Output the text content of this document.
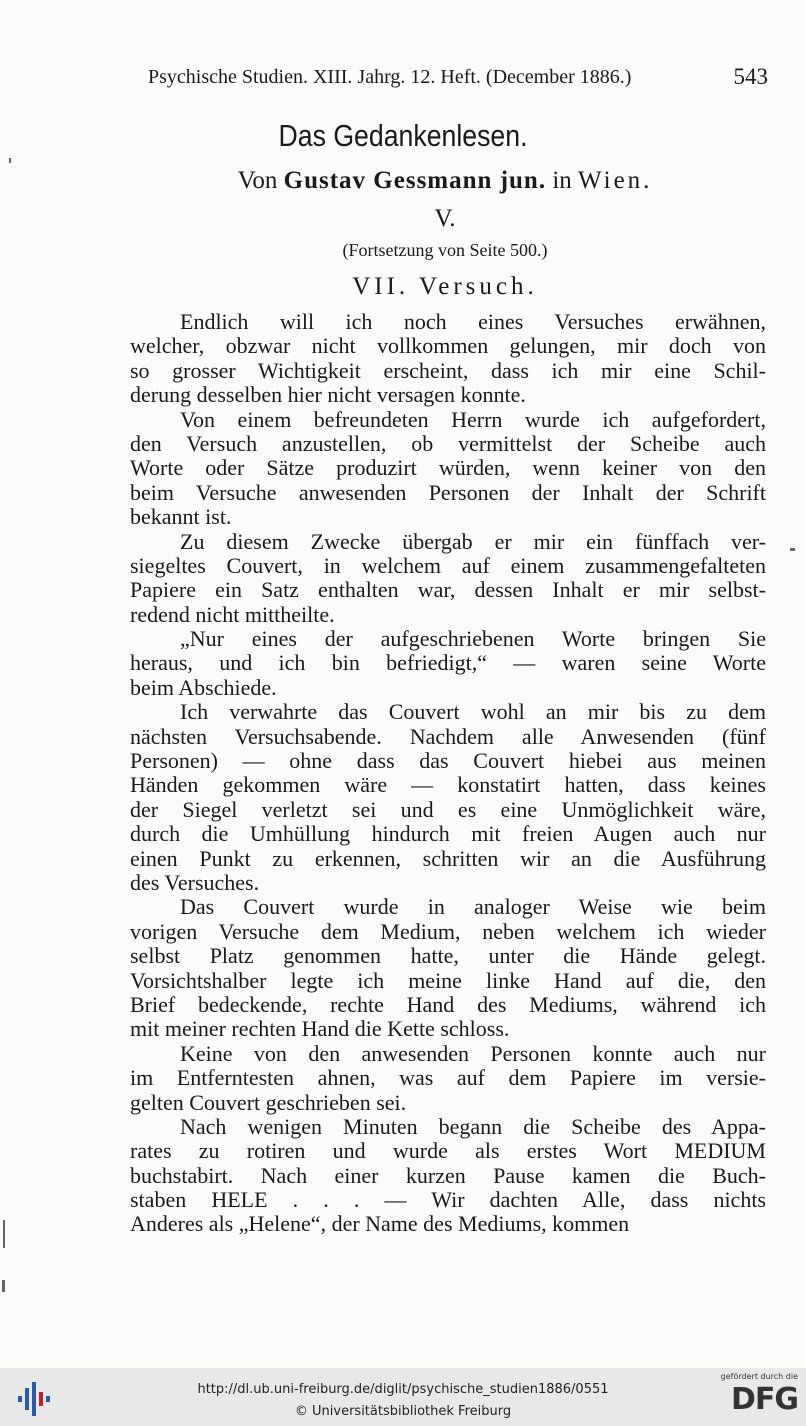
Psychische Studien. XIII. Jahrg. 12. Heft. (December 1886.)	543
Das Gedankenlesen.
Von Gustav Gessmann jun. in Wien.
V.
(Fortsetzung von Seite 500.)
VII. Versuch.
Endlich will ich noch eines Versuches erwähnen,
welcher, obzwar nicht vollkommen gelungen, mir doch von
so grosser Wichtigkeit erscheint, dass ich mir eine Schil-
derung desselben hier nicht versagen konnte.
Von einem befreundeten Herrn wurde ich aufgefordert,
den Versuch anzustellen, ob vermittelst der Scheibe auch
Worte oder Sätze produzirt würden, wenn keiner von den
beim Versuche anwesenden Personen der Inhalt der Schrift
bekannt ist.
Zu diesem Zwecke übergab er mir ein fünffach ver-
siegeltes Couvert, in welchem auf einem zusammengefalteten
Papiere ein Satz enthalten war, dessen Inhalt er mir selbst-
redend nicht mittheilte.
„Nur eines der aufgeschriebenen Worte bringen Sie
heraus, und ich bin befriedigt,“ — waren seine Worte
beim Abschiede.
Ich verwahrte das Couvert wohl an mir bis zu dem
nächsten Versuchsabende. Nachdem alle Anwesenden (fünf
Personen) — ohne dass das Couvert hiebei aus meinen
Händen gekommen wäre — konstatirt hatten, dass keines
der Siegel verletzt sei und es eine Unmöglichkeit wäre,
durch die Umhüllung hindurch mit freien Augen auch nur
einen Punkt zu erkennen, schritten wir an die Ausführung
des Versuches.
Das Couvert wurde in analoger Weise wie beim
vorigen Versuche dem Medium, neben welchem ich wieder
selbst Platz genommen hatte, unter die Hände gelegt.
Vorsichtshalber legte ich meine linke Hand auf die, den
Brief bedeckende, rechte Hand des Mediums, während ich
mit meiner rechten Hand die Kette schloss.
Keine von den anwesenden Personen konnte auch nur
im Entferntesten ahnen, was auf dem Papiere im versie-
gelten Couvert geschrieben sei.
Nach wenigen Minuten begann die Scheibe des Appa-
rates zu rotiren und wurde als erstes Wort MEDIUM
buchstabirt. Nach einer kurzen Pause kamen die Buch-
staben HELE . . . — Wir dachten Alle, dass nichts
Anderes als „Helene“, der Name des Mediums, kommen
http://dl.ub.uni-freiburg.de/diglit/psychische_studien1886/0551
© Universitätsbibliothek Freiburg
gefördert durch die
DFG
